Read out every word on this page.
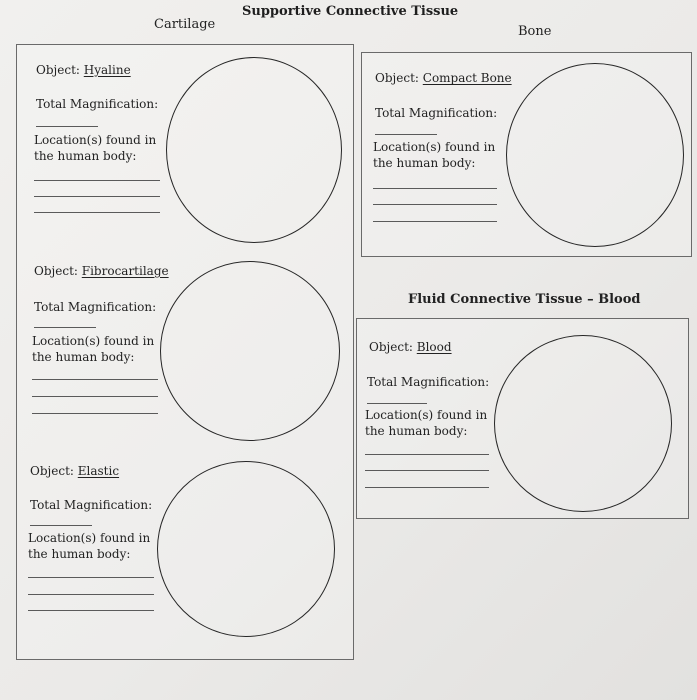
Supportive Connective Tissue
Cartilage	Bone
Fluid Connective Tissue – Blood
Object: Hyaline
Total Magnification:
Location(s) found in the human body:
Object: Fibrocartilage
Total Magnification:
Location(s) found in the human body:
Object: Elastic
Total Magnification:
Location(s) found in the human body:
Object: Compact Bone
Total Magnification:
Location(s) found in the human body:
Object: Blood
Total Magnification:
Location(s) found in the human body:
